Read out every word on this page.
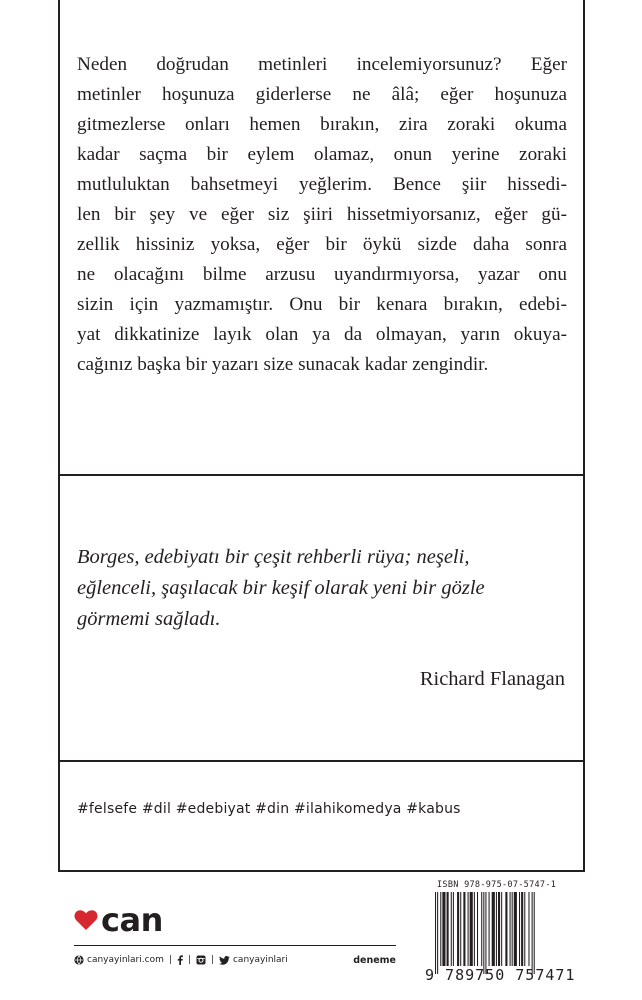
Neden doğrudan metinleri incelemiyorsunuz? Eğer
metinler hoşunuza giderlerse ne âlâ; eğer hoşunuza
gitmezlerse onları hemen bırakın, zira zoraki okuma
kadar saçma bir eylem olamaz, onun yerine zoraki
mutluluktan bahsetmeyi yeğlerim. Bence şiir hissedi-
len bir şey ve eğer siz şiiri hissetmiyorsanız, eğer gü-
zellik hissiniz yoksa, eğer bir öykü sizde daha sonra
ne olacağını bilme arzusu uyandırmıyorsa, yazar onu
sizin için yazmamıştır. Onu bir kenara bırakın, edebi-
yat dikkatinize layık olan ya da olmayan, yarın okuya-
cağınız başka bir yazarı size sunacak kadar zengindir.

Borges, edebiyatı bir çeşit rehberli rüya; neşeli,
eğlenceli, şaşılacak bir keşif olarak yeni bir gözle
görmemi sağladı.

Richard Flanagan

#felsefe #dil #edebiyat #din #ilahikomedya #kabus
can
canyayinlari.com | | | canyayinlari	deneme
ISBN 978-975-07-5747-1
9 789750 757471
